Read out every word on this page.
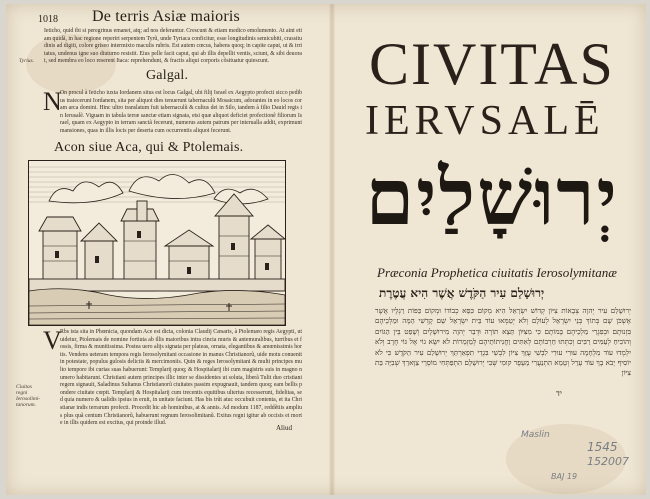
1018 De terris Asiæ maioris
Tyrius.
Ieticho, quid ibi si peregrinus emanet, atq; ad nos deferantur. Crescunt & etiam medico emolumento. At aint etiam quidã, in hac regione reperiri serpentem Tyrũ, unde Tyriaca conficitur, esse longitudinis semicubiti, crassitudinis ad digiti, colore griseo intermixto maculis rubris. Est autem cœcus, habens quoq; in capite caput, ut & irritatus, undenus igne suo diuturno resistit. Eius pelle facit caput, qui ab illis depellit ventis, sciunt, & sibi deuorat, sed membra eo loco reserent Itaca: reprehendunt, & fractis aliqui corporis cõsituatur quiescunt.
Galgal.
N
On procul à Ieticho iuxta Iordanem situs est locus Galgal, ubi filij Israel ex Aegypto profecti sicco pedibus traiecerunt Iordanem, sita per aliquot dies tenuerunt tabernaculũ Mosaicum, adorantes in eo locos coram arca domini. Hinc ultro translatum fuit tabernaculũ & cultus dei in Silo, tandem à filio Dauid regis in Ierusalẽ. Viguam in tabula terræ sanctæ etiam signata, etsi quæ aliquot deficiet profectionẽ filiorum Israel, quam ex Aegypto in terram sanctã fecerunt, numerus autem patrum per interualla addit, exprimunt mansiones, quas in illis locis per deserta cum occurrentis aliquot fecerunt.
Acon siue Aca, qui & Ptolemais.
Ciuitas regni Ierosolimi-tanorum.
V
Rbs ista sita in Phœnicia, quondam Ace est dicta, colonia Claudij Cæsaris, à Ptolemæo regis Aegypti, ut uidetur, Ptolemais de nomine fortiuta ab illis maioribus intra cincta muris & antemuralibus, turribus et fossis, firma & munitissima. Postea uero alijs signata per plateas, ornata, elegantibus & amœnissimis hortis. Vendens ueteram tempora regis Ierosolymitani occasione in manus Christianorũ, uide motu conuenit in potestate, populus gulosis delictis & mercimoniis. Quin & reges Ierosolymitani & multi principes multo tempore ibi curias suas habuerunt: Templarij quoq; & Hospitalarij ibi cum magistris suis in magno numero habitarunt. Christiani autem principes illic inter se dissidentes ut soluta, liberã Tulit duo cristiani regem signauit, Saladinus Sultanus Christianorũ ciuitates passim expugnauit, tandem quoq; eam bellis pondere ciuitate cœpit. Templarij & Hospitalarij cum trecentis equitibus ulterius recesserunt, fidelitas, sed quia numero & ualidis ipsius in eruit, in unitate faciunt. Has bis trũt atuc occubuit contenta, et ita Christianæ indis terrarum profecti. Procedit hic ab hominibus, at & annis. Ad modum 1187, reddẽtiis amplius plus quã centum Christianorũ, habuerunt regnum Ierosolimitanũ. Exitus regni igitur ab occisis et morte in illis quidem est excitus, qui proinde illud.
Aliud
CIVITAS
IERVSALĒ
יְרוּשָׁלַיִם
Præconia Prophetica ciuitatis Ierosolymitanæ
יְרוּשָׁלַם עִיר הַקֹּדֶשׁ אֲשֶׁר הִיא עֲטֶרֶת
יְרוּשָׁלַם עִיר יְהוָה צְבָאוֹת צִיּוֹן קְדוֹשׁ יִשְׂרָאֵל הִיא מְקוֹם כִּסֵּא כְבוֹדוֹ וּמְקוֹם כַּפּוֹת רַגְלָיו אֲשֶׁר אֶשְׁכֹּן שָׁם בְּתוֹךְ בְּנֵי יִשְׂרָאֵל לְעוֹלָם וְלֹא יְטַמְּאוּ עוֹד בֵּית יִשְׂרָאֵל שֵׁם קָדְשִׁי הֵמָּה וּמַלְכֵיהֶם בִּזְנוּתָם וּבְפִגְרֵי מַלְכֵיהֶם בָּמוֹתָם כִּי מִצִּיּוֹן תֵּצֵא תוֹרָה וּדְבַר יְהוָה מִירוּשָׁלָיִם וְשָׁפַט בֵּין הַגּוֹיִם וְהוֹכִיחַ לְעַמִּים רַבִּים וְכִתְּתוּ חַרְבוֹתָם לְאִתִּים וַחֲנִיתוֹתֵיהֶם לְמַזְמֵרוֹת לֹא יִשָּׂא גוֹי אֶל גּוֹי חֶרֶב וְלֹא יִלְמְדוּ עוֹד מִלְחָמָה עוּרִי עוּרִי לִבְשִׁי עֻזֵּךְ צִיּוֹן לִבְשִׁי בִּגְדֵי תִפְאַרְתֵּךְ יְרוּשָׁלַם עִיר הַקֹּדֶשׁ כִּי לֹא יוֹסִיף יָבֹא בָךְ עוֹד עָרֵל וְטָמֵא הִתְנַעֲרִי מֵעָפָר קוּמִי שְּׁבִי יְרוּשָׁלָם הִתְפַּתְּחִי מוֹסְרֵי צַוָּארֵךְ שְׁבִיָּה בַּת צִיּוֹן
יד
Maslin
1545
152007
BAJ 19
